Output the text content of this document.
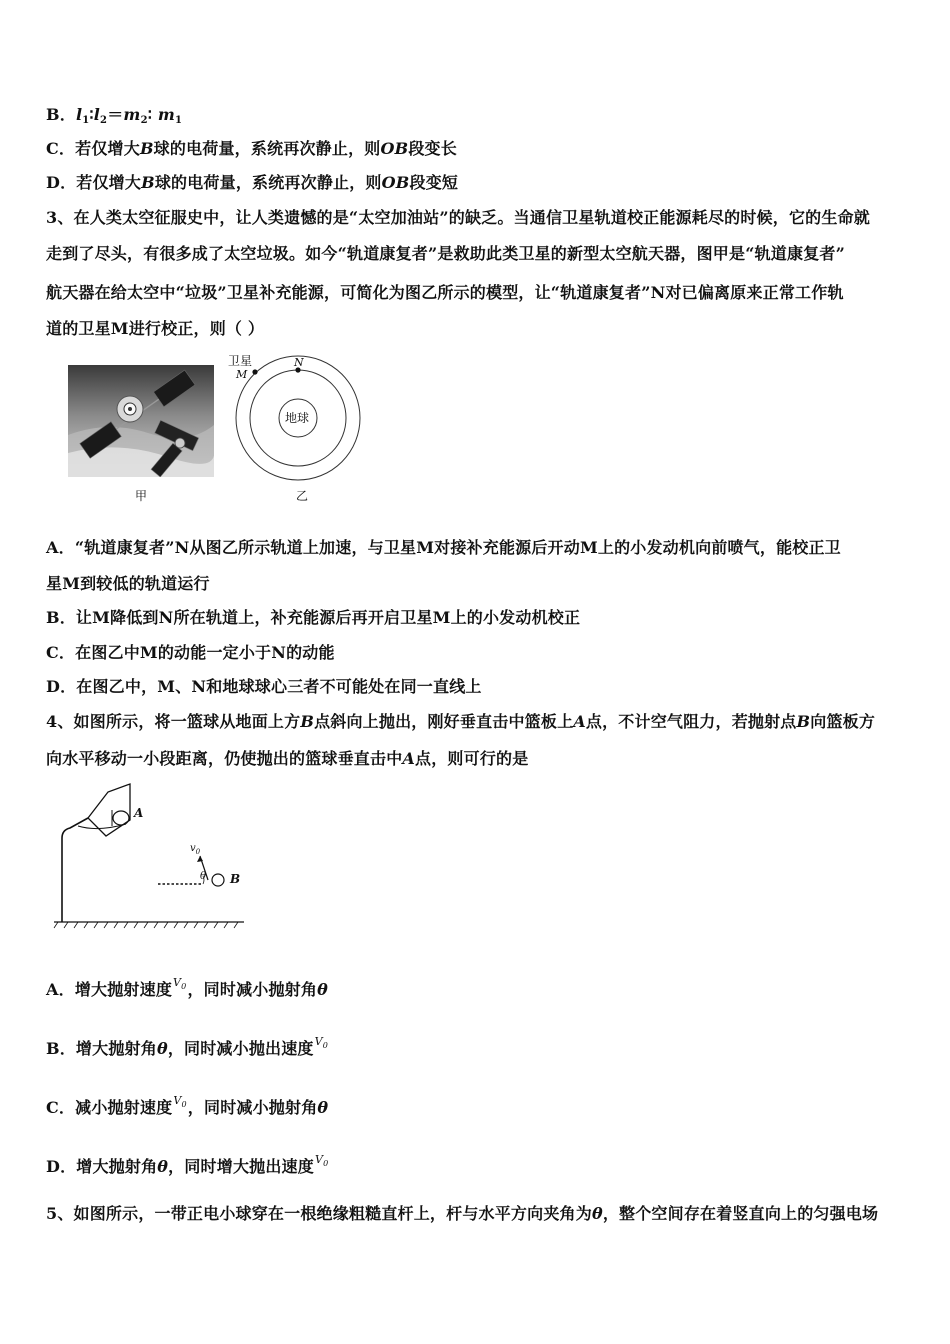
B．$l_1∶l_2=m_2∶$ $m_1$
C．若仅增大B球的电荷量，系统再次静止，则OB段变长
D．若仅增大B球的电荷量，系统再次静止，则OB段变短
3、在人类太空征服史中，让人类遗憾的是“太空加油站”的缺乏。当通信卫星轨道校正能源耗尽的时候，它的生命就
走到了尽头，有很多成了太空垃圾。如今“轨道康复者”是救助此类卫星的新型太空航天器，图甲是“轨道康复者”
航天器在给太空中“垃圾”卫星补充能源，可简化为图乙所示的模型，让“轨道康复者”N对已偏离原来正常工作轨
道的卫星M进行校正，则（ ）
甲
卫星
M
N
地球
乙
A．“轨道康复者”N从图乙所示轨道上加速，与卫星M对接补充能源后开动M上的小发动机向前喷气，能校正卫
星M到较低的轨道运行
B．让M降低到N所在轨道上，补充能源后再开启卫星M上的小发动机校正
C．在图乙中M的动能一定小于N的动能
D．在图乙中，M、N和地球球心三者不可能处在同一直线上
4、如图所示，将一篮球从地面上方B点斜向上抛出，刚好垂直击中篮板上A点，不计空气阻力，若抛射点B向篮板方
向水平移动一小段距离，仍使抛出的篮球垂直击中A点，则可行的是
A
B
$v_0$
θ
A．增大抛射速度$^{V_0}$，同时减小抛射角θ
B．增大抛射角θ，同时减小抛出速度$^{V_0}$
C．减小抛射速度$^{V_0}$，同时减小抛射角θ
D．增大抛射角θ，同时增大抛出速度$^{V_0}$
5、如图所示，一带正电小球穿在一根绝缘粗糙直杆上，杆与水平方向夹角为θ，整个空间存在着竖直向上的匀强电场
